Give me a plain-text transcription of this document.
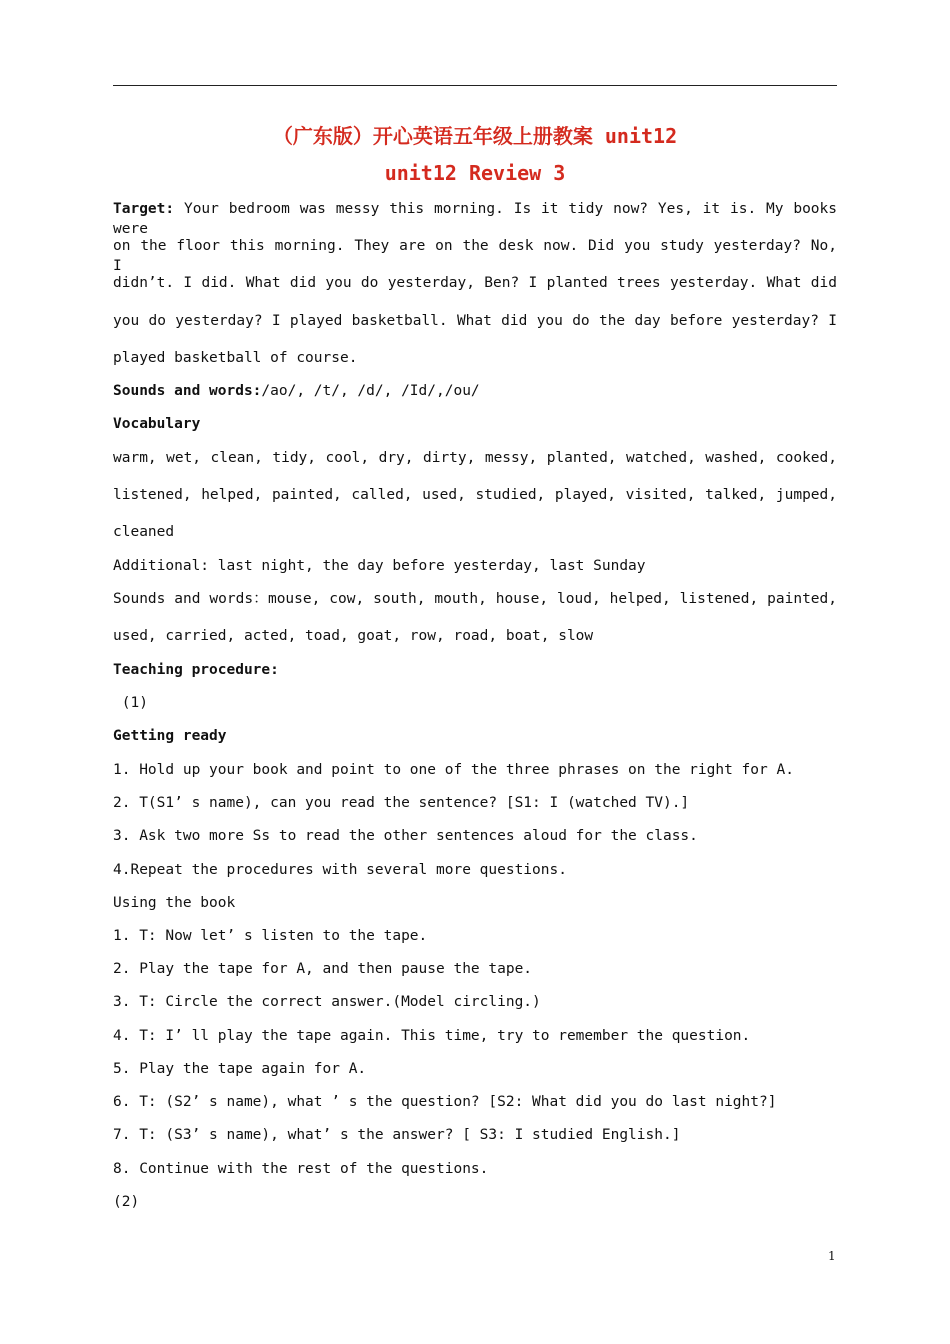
（广东版）开心英语五年级上册教案 unit12
unit12 Review 3
Target: Your bedroom was messy this morning. Is it tidy now? Yes, it is. My books were
on the floor this morning. They are on the desk now. Did you study yesterday? No, I
didn’t. I did. What did you do yesterday, Ben? I planted trees yesterday. What did
you do yesterday? I played basketball. What did you do the day before yesterday? I
played basketball of course.
Sounds and words:/ao/, /t/, /d/, /Id/,/ou/
Vocabulary
warm, wet, clean, tidy, cool, dry, dirty, messy, planted, watched, washed, cooked,
listened, helped, painted, called, used, studied, played, visited, talked, jumped,
cleaned
Additional: last night, the day before yesterday, last Sunday
Sounds and words：mouse, cow, south, mouth, house, loud, helped, listened, painted,
used, carried, acted, toad, goat, row, road, boat, slow
Teaching procedure:
(1)
Getting ready
1. Hold up your book and point to one of the three phrases on the right for A.
2. T(S1’ s name), can you read the sentence? [S1: I (watched TV).]
3. Ask two more Ss to read the other sentences aloud for the class.
4.Repeat the procedures with several more questions.
Using the book
1. T: Now let’ s listen to the tape.
2. Play the tape for A, and then pause the tape.
3. T: Circle the correct answer.(Model circling.)
4. T: I’ ll play the tape again. This time, try to remember the question.
5. Play the tape again for A.
6. T: (S2’ s name), what ’ s the question? [S2: What did you do last night?]
7. T: (S3’ s name), what’ s the answer? [ S3: I studied English.]
8. Continue with the rest of the questions.
(2)
1
